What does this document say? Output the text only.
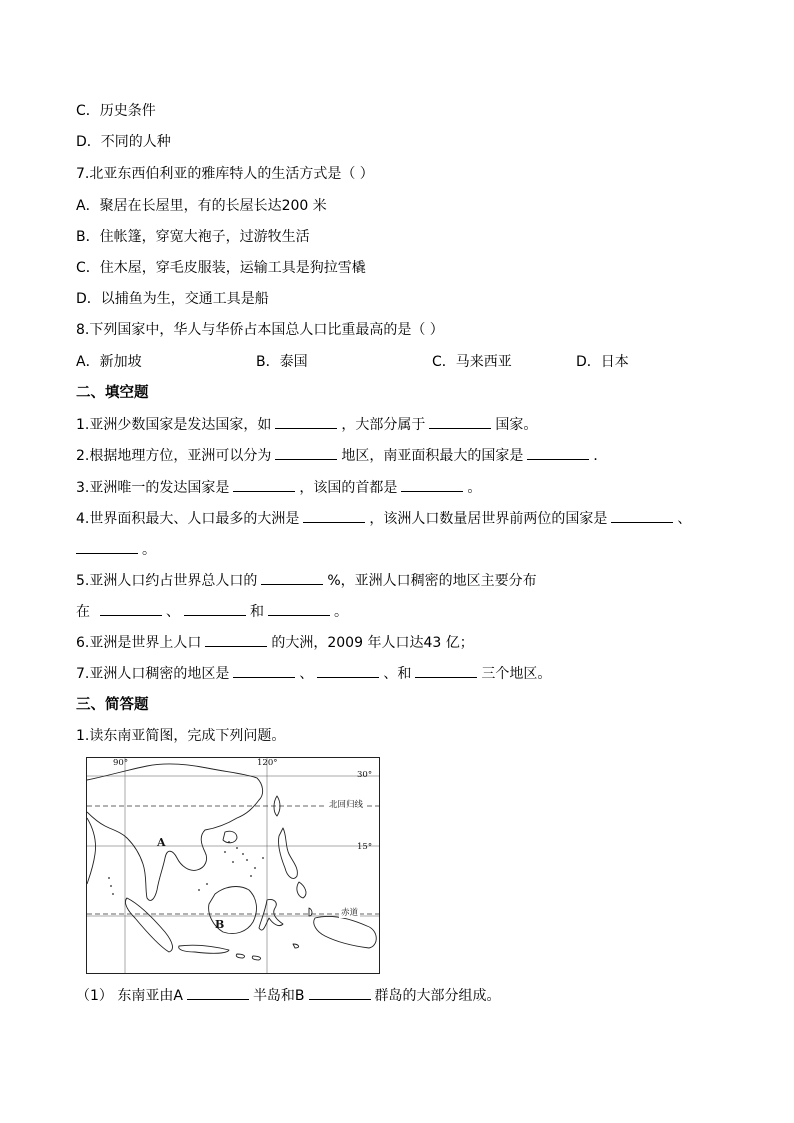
C．历史条件
D．不同的人种
7.北亚东西伯利亚的雅库特人的生活方式是（ ）
A．聚居在长屋里，有的长屋长达200 米
B．住帐篷，穿宽大袍子，过游牧生活
C．住木屋，穿毛皮服装，运输工具是狗拉雪橇
D．以捕鱼为生，交通工具是船
8.下列国家中，华人与华侨占本国总人口比重最高的是（ ）
A．新加坡	B．泰国	C．马来西亚	D．日本
二、填空题
1.亚洲少数国家是发达国家，如	，大部分属于	国家。
2.根据地理方位，亚洲可以分为	地区，南亚面积最大的国家是	．
3.亚洲唯一的发达国家是	，该国的首都是	。
4.世界面积最大、人口最多的大洲是	，该洲人口数量居世界前两位的国家是	、
。
5.亚洲人口约占世界总人口的	%，亚洲人口稠密的地区主要分布
在	、	和	。
6.亚洲是世界上人口	的大洲，2009 年人口达43 亿；
7.亚洲人口稠密的地区是	、	、和	三个地区。
三、简答题
1.读东南亚简图，完成下列问题。
90°	120°
30°
15°
北回归线
赤道
A
B
（1） 东南亚由A	半岛和B	群岛的大部分组成。
